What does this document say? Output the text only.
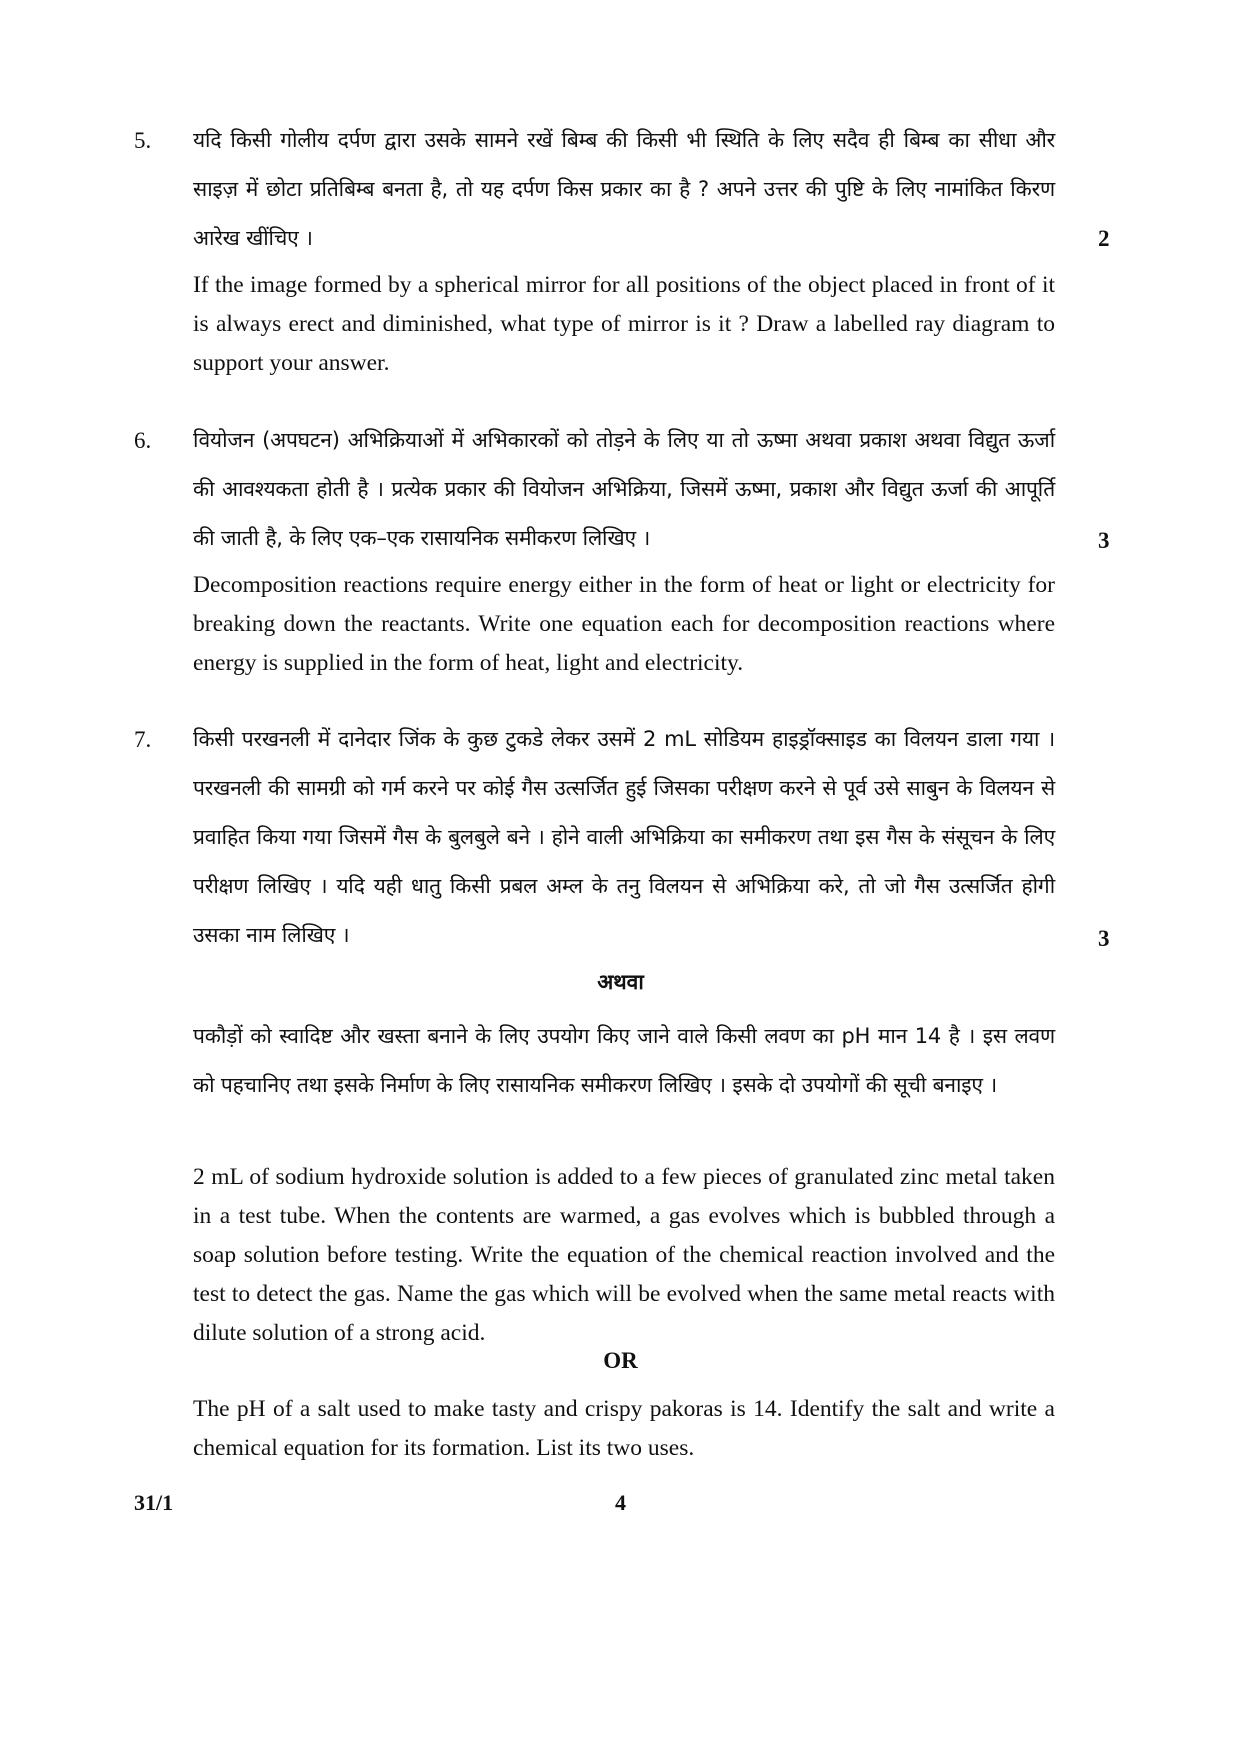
5. यदि किसी गोलीय दर्पण द्वारा उसके सामने रखें बिम्ब की किसी भी स्थिति के लिए सदैव ही बिम्ब का सीधा और साइज़ में छोटा प्रतिबिम्ब बनता है, तो यह दर्पण किस प्रकार का है ? अपने उत्तर की पुष्टि के लिए नामांकित किरण आरेख खींचिए ।	2
If the image formed by a spherical mirror for all positions of the object placed in front of it is always erect and diminished, what type of mirror is it ? Draw a labelled ray diagram to support your answer.
6. वियोजन (अपघटन) अभिक्रियाओं में अभिकारकों को तोड़ने के लिए या तो ऊष्मा अथवा प्रकाश अथवा विद्युत ऊर्जा की आवश्यकता होती है । प्रत्येक प्रकार की वियोजन अभिक्रिया, जिसमें ऊष्मा, प्रकाश और विद्युत ऊर्जा की आपूर्ति की जाती है, के लिए एक–एक रासायनिक समीकरण लिखिए ।	3
Decomposition reactions require energy either in the form of heat or light or electricity for breaking down the reactants. Write one equation each for decomposition reactions where energy is supplied in the form of heat, light and electricity.
7. किसी परखनली में दानेदार जिंक के कुछ टुकडे लेकर उसमें 2 mL सोडियम हाइड्रॉक्साइड का विलयन डाला गया । परखनली की सामग्री को गर्म करने पर कोई गैस उत्सर्जित हुई जिसका परीक्षण करने से पूर्व उसे साबुन के विलयन से प्रवाहित किया गया जिसमें गैस के बुलबुले बने । होने वाली अभिक्रिया का समीकरण तथा इस गैस के संसूचन के लिए परीक्षण लिखिए । यदि यही धातु किसी प्रबल अम्ल के तनु विलयन से अभिक्रिया करे, तो जो गैस उत्सर्जित होगी उसका नाम लिखिए ।	3
अथवा
पकौड़ों को स्वादिष्ट और खस्ता बनाने के लिए उपयोग किए जाने वाले किसी लवण का pH मान 14 है । इस लवण को पहचानिए तथा इसके निर्माण के लिए रासायनिक समीकरण लिखिए । इसके दो उपयोगों की सूची बनाइए ।
2 mL of sodium hydroxide solution is added to a few pieces of granulated zinc metal taken in a test tube. When the contents are warmed, a gas evolves which is bubbled through a soap solution before testing. Write the equation of the chemical reaction involved and the test to detect the gas. Name the gas which will be evolved when the same metal reacts with dilute solution of a strong acid.
OR
The pH of a salt used to make tasty and crispy pakoras is 14. Identify the salt and write a chemical equation for its formation. List its two uses.
31/1	4
